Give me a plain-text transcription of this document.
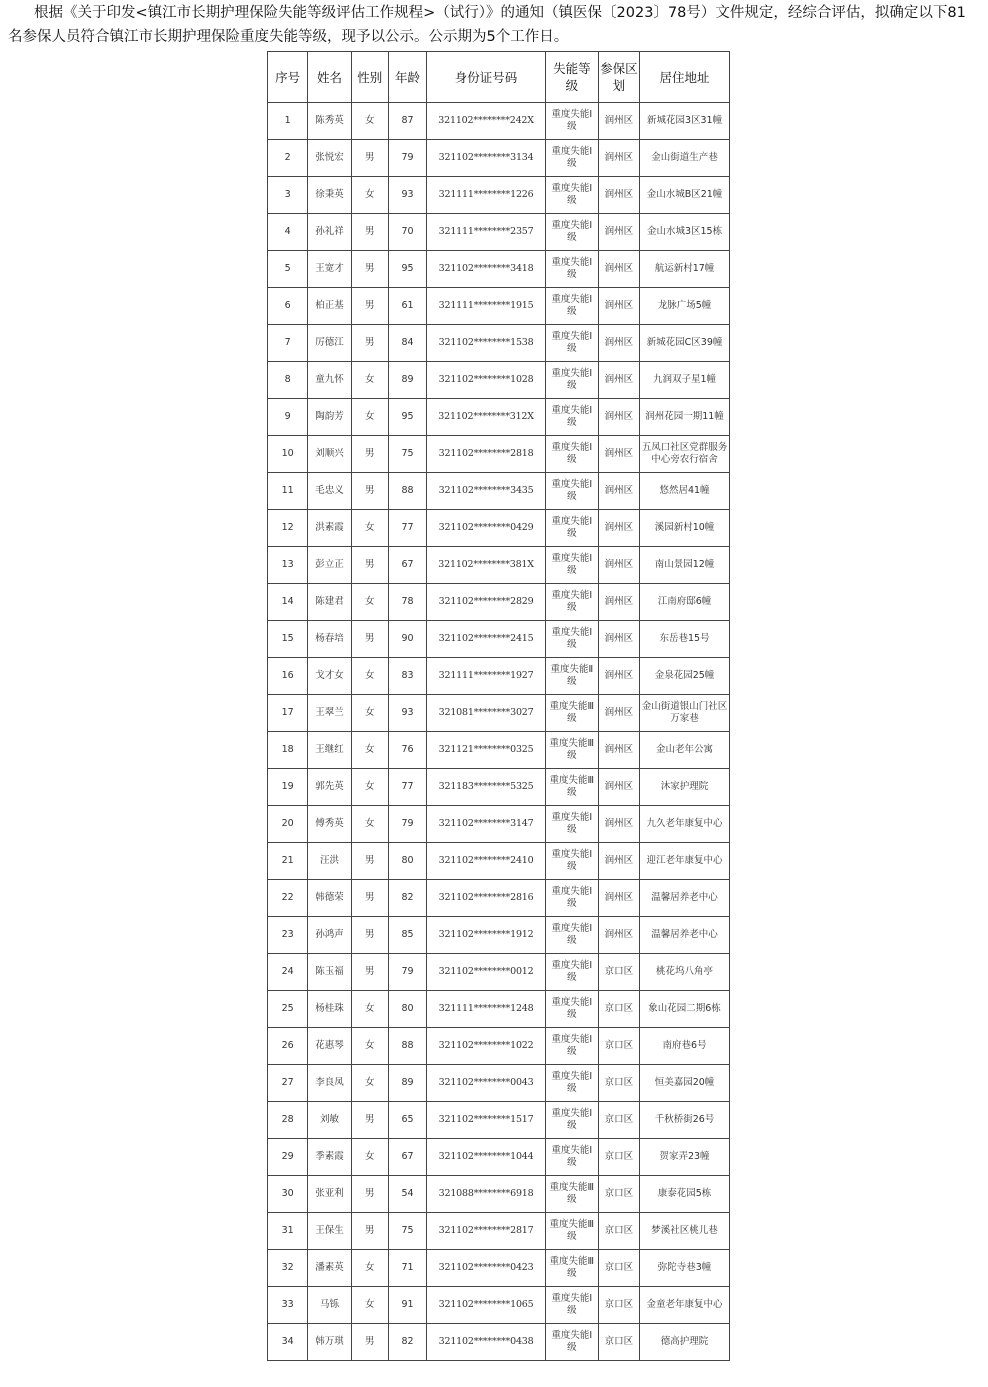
根据《关于印发<镇江市长期护理保险失能等级评估工作规程>（试行）》的通知（镇医保〔2023〕78号）文件规定，经综合评估，拟确定以下81名参保人员符合镇江市长期护理保险重度失能等级，现予以公示。公示期为5个工作日。

序号	姓名	性别	年龄	身份证号码	失能等级	参保区划	居住地址
1	陈秀英	女	87	321102********242X	重度失能Ⅰ级	润州区	新城花园3区31幢
2	张悦宏	男	79	321102********3134	重度失能Ⅰ级	润州区	金山街道生产巷
3	徐秉英	女	93	321111********1226	重度失能Ⅰ级	润州区	金山水城B区21幢
4	孙礼祥	男	70	321111********2357	重度失能Ⅰ级	润州区	金山水城3区15栋
5	王宽才	男	95	321102********3418	重度失能Ⅰ级	润州区	航运新村17幢
6	柏正基	男	61	321111********1915	重度失能Ⅰ级	润州区	龙脉广场5幢
7	厉德江	男	84	321102********1538	重度失能Ⅰ级	润州区	新城花园C区39幢
8	童九怀	女	89	321102********1028	重度失能Ⅰ级	润州区	九润双子星1幢
9	陶韵芳	女	95	321102********312X	重度失能Ⅰ级	润州区	润州花园一期11幢
10	刘顺兴	男	75	321102********2818	重度失能Ⅰ级	润州区	五凤口社区党群服务中心旁农行宿舍
11	毛忠义	男	88	321102********3435	重度失能Ⅰ级	润州区	悠然居41幢
12	洪素霞	女	77	321102********0429	重度失能Ⅰ级	润州区	溪园新村10幢
13	彭立正	男	67	321102********381X	重度失能Ⅰ级	润州区	南山景园12幢
14	陈建君	女	78	321102********2829	重度失能Ⅰ级	润州区	江南府邸6幢
15	杨春培	男	90	321102********2415	重度失能Ⅰ级	润州区	东岳巷15号
16	戈才女	女	83	321111********1927	重度失能Ⅱ级	润州区	金泉花园25幢
17	王翠兰	女	93	321081********3027	重度失能Ⅲ级	润州区	金山街道银山门社区万家巷
18	王继红	女	76	321121********0325	重度失能Ⅲ级	润州区	金山老年公寓
19	郭先英	女	77	321183********5325	重度失能Ⅲ级	润州区	沐家护理院
20	傅秀英	女	79	321102********3147	重度失能Ⅰ级	润州区	九久老年康复中心
21	汪洪	男	80	321102********2410	重度失能Ⅰ级	润州区	迎江老年康复中心
22	韩德荣	男	82	321102********2816	重度失能Ⅰ级	润州区	温馨居养老中心
23	孙鸿声	男	85	321102********1912	重度失能Ⅰ级	润州区	温馨居养老中心
24	陈玉福	男	79	321102********0012	重度失能Ⅰ级	京口区	桃花坞八角亭
25	杨桂珠	女	80	321111********1248	重度失能Ⅰ级	京口区	象山花园二期6栋
26	花惠琴	女	88	321102********1022	重度失能Ⅰ级	京口区	南府巷6号
27	李良凤	女	89	321102********0043	重度失能Ⅰ级	京口区	恒美嘉园20幢
28	刘敏	男	65	321102********1517	重度失能Ⅰ级	京口区	千秋桥街26号
29	季素霞	女	67	321102********1044	重度失能Ⅰ级	京口区	贺家弄23幢
30	张亚利	男	54	321088********6918	重度失能Ⅲ级	京口区	康泰花园5栋
31	王保生	男	75	321102********2817	重度失能Ⅲ级	京口区	梦溪社区桃儿巷
32	潘素英	女	71	321102********0423	重度失能Ⅲ级	京口区	弥陀寺巷3幢
33	马铄	女	91	321102********1065	重度失能Ⅰ级	京口区	金童老年康复中心
34	韩万琪	男	82	321102********0438	重度失能Ⅰ级	京口区	德高护理院
